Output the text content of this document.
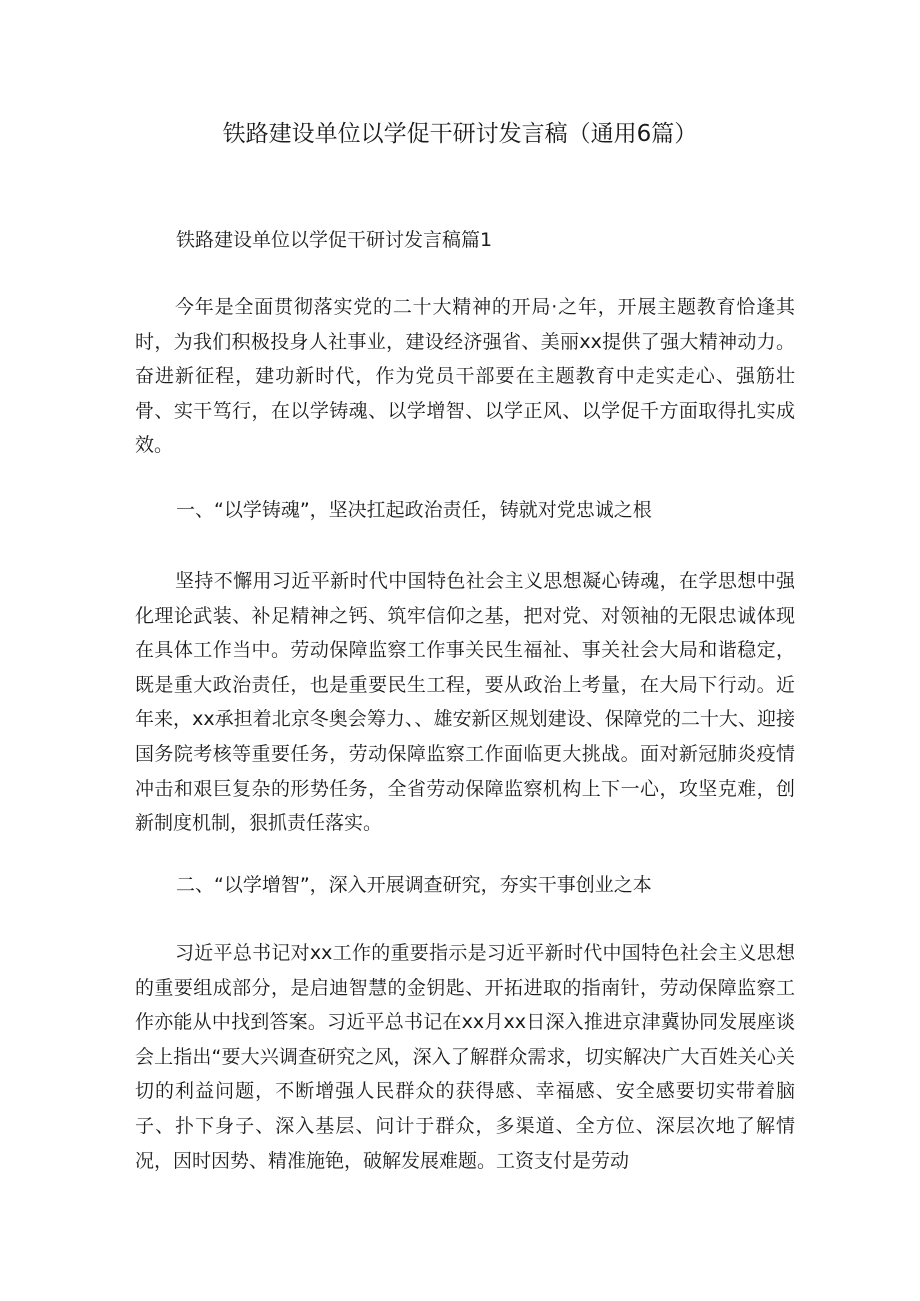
铁路建设单位以学促干研讨发言稿（通用6篇）

铁路建设单位以学促干研讨发言稿篇1

今年是全面贯彻落实党的二十大精神的开局·之年，开展主题教育恰逢其时，为我们积极投身人社事业，建设经济强省、美丽xx提供了强大精神动力。奋进新征程，建功新时代，作为党员干部要在主题教育中走实走心、强筋壮骨、实干笃行，在以学铸魂、以学增智、以学正风、以学促千方面取得扎实成效。

一、“以学铸魂”，坚决扛起政治责任，铸就对党忠诚之根

坚持不懈用习近平新时代中国特色社会主义思想凝心铸魂，在学思想中强化理论武装、补足精神之钙、筑牢信仰之基，把对党、对领袖的无限忠诚体现在具体工作当中。劳动保障监察工作事关民生福祉、事关社会大局和谐稳定，既是重大政治责任，也是重要民生工程，要从政治上考量，在大局下行动。近年来，xx承担着北京冬奥会筹力、、雄安新区规划建设、保障党的二十大、迎接国务院考核等重要任务，劳动保障监察工作面临更大挑战。面对新冠肺炎疫情冲击和艰巨复杂的形势任务，全省劳动保障监察机构上下一心，攻坚克难，创新制度机制，狠抓责任落实。

二、“以学增智”，深入开展调查研究，夯实干事创业之本

习近平总书记对xx工作的重要指示是习近平新时代中国特色社会主义思想的重要组成部分，是启迪智慧的金钥匙、开拓进取的指南针，劳动保障监察工作亦能从中找到答案。习近平总书记在xx月xx日深入推进京津冀协同发展座谈会上指出“要大兴调查研究之风，深入了解群众需求，切实解决广大百姓关心关切的利益问题，不断增强人民群众的获得感、幸福感、安全感要切实带着脑子、扑下身子、深入基层、问计于群众，多渠道、全方位、深层次地了解情况，因时因势、精准施铯，破解发展难题。工资支付是劳动
